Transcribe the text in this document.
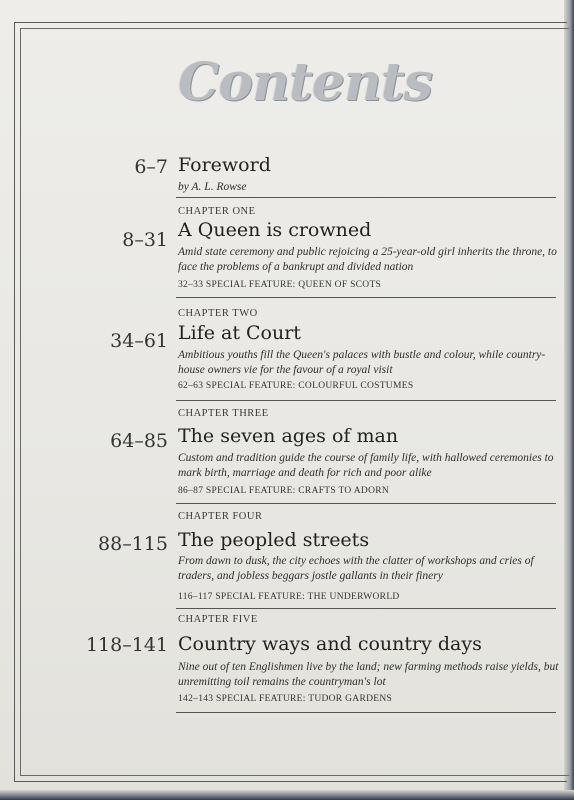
Contents
6–7 Foreword
by A. L. Rowse
CHAPTER ONE
8–31 A Queen is crowned
Amid state ceremony and public rejoicing a 25-year-old girl inherits the throne, to face the problems of a bankrupt and divided nation
32–33 SPECIAL FEATURE: QUEEN OF SCOTS
CHAPTER TWO
34–61 Life at Court
Ambitious youths fill the Queen's palaces with bustle and colour, while country-house owners vie for the favour of a royal visit
62–63 SPECIAL FEATURE: COLOURFUL COSTUMES
CHAPTER THREE
64–85 The seven ages of man
Custom and tradition guide the course of family life, with hallowed ceremonies to mark birth, marriage and death for rich and poor alike
86–87 SPECIAL FEATURE: CRAFTS TO ADORN
CHAPTER FOUR
88–115 The peopled streets
From dawn to dusk, the city echoes with the clatter of workshops and cries of traders, and jobless beggars jostle gallants in their finery
116–117 SPECIAL FEATURE: THE UNDERWORLD
CHAPTER FIVE
118–141 Country ways and country days
Nine out of ten Englishmen live by the land; new farming methods raise yields, but unremitting toil remains the countryman's lot
142–143 SPECIAL FEATURE: TUDOR GARDENS
